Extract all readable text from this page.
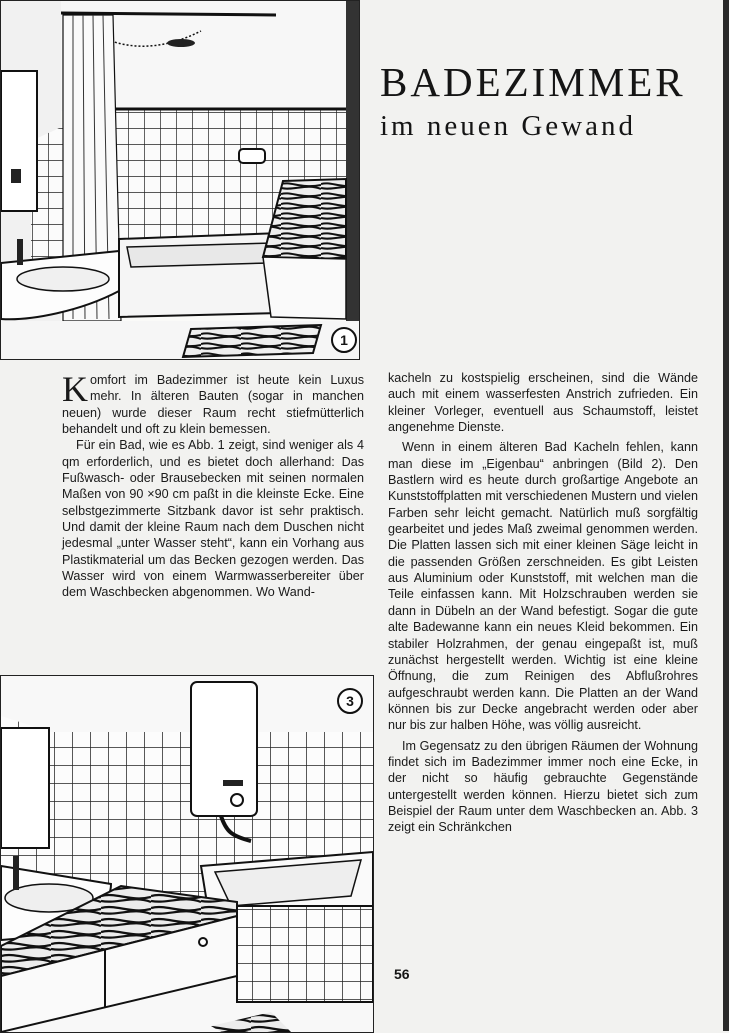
1
BADEZIMMER
im neuen Gewand

Komfort im Badezimmer ist heute kein Luxus mehr. In älteren Bauten (sogar in manchen neuen) wurde dieser Raum recht stiefmütterlich behandelt und oft zu klein bemessen.

Für ein Bad, wie es Abb. 1 zeigt, sind weniger als 4 qm erforderlich, und es bietet doch allerhand: Das Fußwasch- oder Brausebecken mit seinen normalen Maßen von 90 ×90 cm paßt in die kleinste Ecke. Eine selbstgezimmerte Sitzbank davor ist sehr praktisch. Und damit der kleine Raum nach dem Duschen nicht jedesmal „unter Wasser steht“, kann ein Vorhang aus Plastikmaterial um das Becken gezogen werden. Das Wasser wird von einem Warmwasserbereiter über dem Waschbecken abgenommen. Wo Wand-

kacheln zu kostspielig erscheinen, sind die Wände auch mit einem wasserfesten Anstrich zufrieden. Ein kleiner Vorleger, eventuell aus Schaumstoff, leistet angenehme Dienste.

Wenn in einem älteren Bad Kacheln fehlen, kann man diese im „Eigenbau“ anbringen (Bild 2). Den Bastlern wird es heute durch großartige Angebote an Kunststoffplatten mit verschiedenen Mustern und vielen Farben sehr leicht gemacht. Natürlich muß sorgfältig gearbeitet und jedes Maß zweimal genommen werden. Die Platten lassen sich mit einer kleinen Säge leicht in die passenden Größen zerschneiden. Es gibt Leisten aus Aluminium oder Kunststoff, mit welchen man die Teile einfassen kann. Mit Holzschrauben werden sie dann in Dübeln an der Wand befestigt. Sogar die gute alte Badewanne kann ein neues Kleid bekommen. Ein stabiler Holzrahmen, der genau eingepaßt ist, muß zunächst hergestellt werden. Wichtig ist eine kleine Öffnung, die zum Reinigen des Abflußrohres aufgeschraubt werden kann. Die Platten an der Wand können bis zur Decke angebracht werden oder aber nur bis zur halben Höhe, was völlig ausreicht.

Im Gegensatz zu den übrigen Räumen der Wohnung findet sich im Badezimmer immer noch eine Ecke, in der nicht so häufig gebrauchte Gegenstände untergestellt werden können. Hierzu bietet sich zum Beispiel der Raum unter dem Waschbecken an. Abb. 3 zeigt ein Schränkchen

3
56
